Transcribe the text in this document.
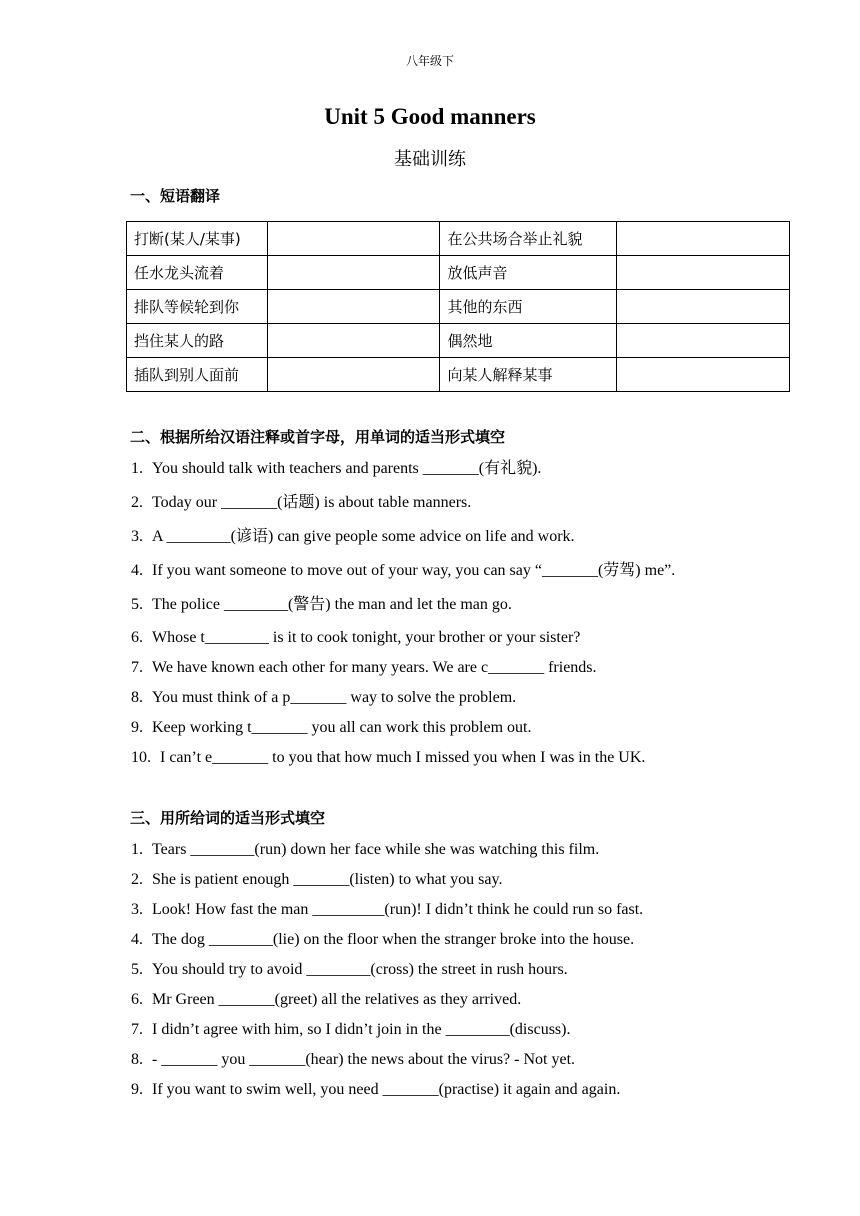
八年级下
Unit 5 Good manners
基础训练
一、短语翻译
打断(某人/某事)		在公共场合举止礼貌	
任水龙头流着		放低声音	
排队等候轮到你		其他的东西	
挡住某人的路		偶然地	
插队到别人面前		向某人解释某事	
二、根据所给汉语注释或首字母，用单词的适当形式填空
1. You should talk with teachers and parents _______(有礼貌).
2. Today our _______(话题) is about table manners.
3. A ________(谚语) can give people some advice on life and work.
4. If you want someone to move out of your way, you can say “_______(劳驾) me”.
5. The police ________(警告) the man and let the man go.
6. Whose t________ is it to cook tonight, your brother or your sister?
7. We have known each other for many years. We are c_______ friends.
8. You must think of a p_______ way to solve the problem.
9. Keep working t_______ you all can work this problem out.
10. I can’t e_______ to you that how much I missed you when I was in the UK.
三、用所给词的适当形式填空
1. Tears ________(run) down her face while she was watching this film.
2. She is patient enough _______(listen) to what you say.
3. Look! How fast the man _________(run)! I didn’t think he could run so fast.
4. The dog ________(lie) on the floor when the stranger broke into the house.
5. You should try to avoid ________(cross) the street in rush hours.
6. Mr Green _______(greet) all the relatives as they arrived.
7. I didn’t agree with him, so I didn’t join in the ________(discuss).
8. - _______ you _______(hear) the news about the virus? - Not yet.
9. If you want to swim well, you need _______(practise) it again and again.
